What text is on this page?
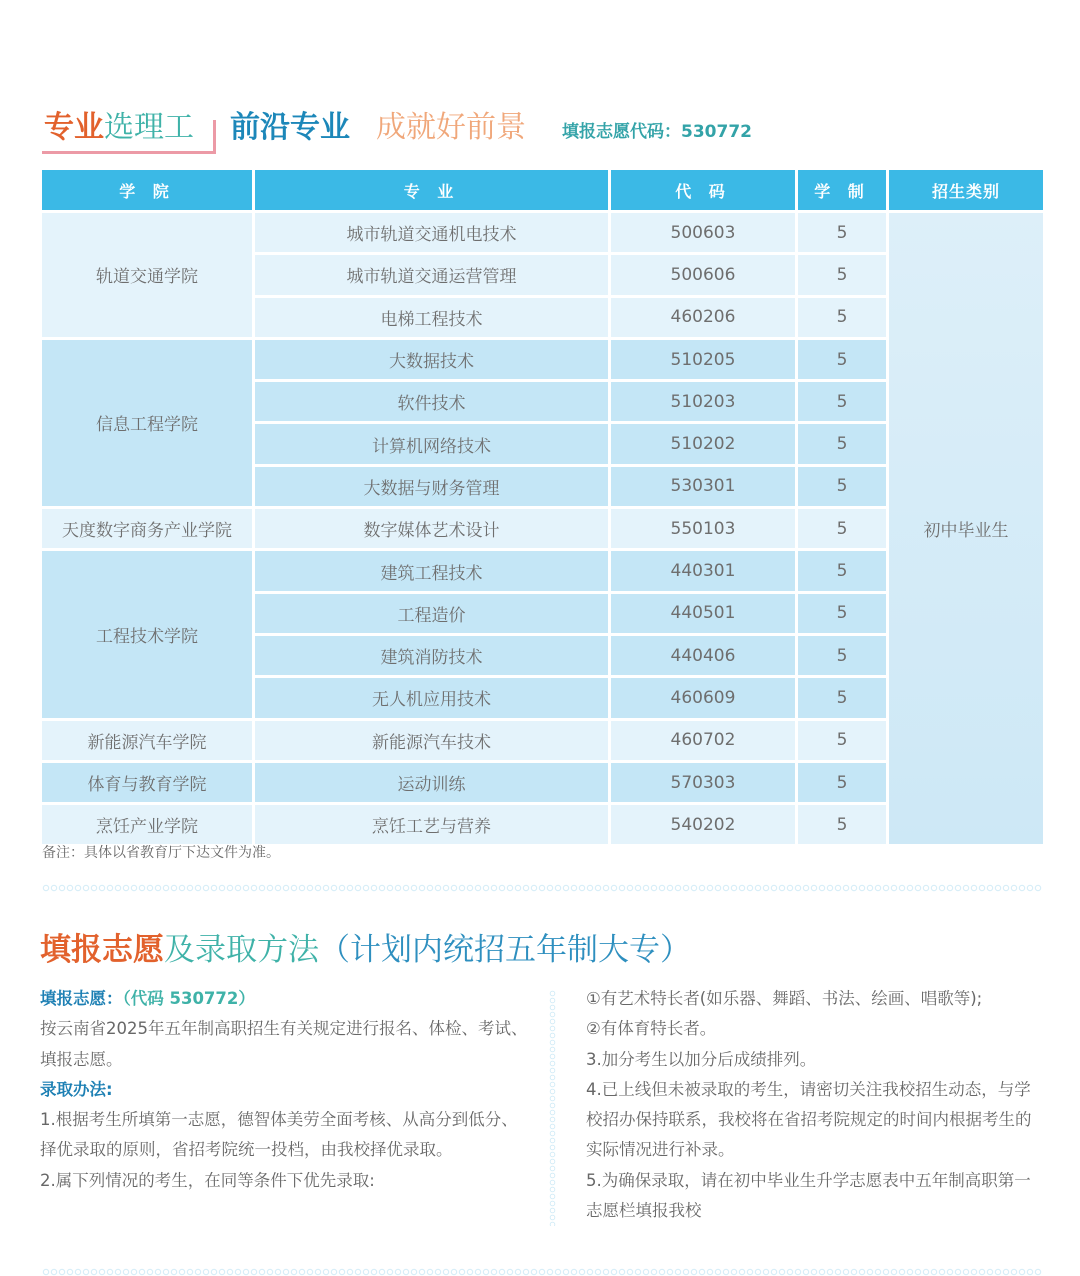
专业 选理工 前沿专业 成就好前景 填报志愿代码：530772
学 院	专 业	代 码	学 制	招生类别
轨道交通学院	城市轨道交通机电技术	500603	5	初中毕业生
	城市轨道交通运营管理	500606	5	
	电梯工程技术	460206	5	
信息工程学院	大数据技术	510205	5	
	软件技术	510203	5	
	计算机网络技术	510202	5	
	大数据与财务管理	530301	5	
天度数字商务产业学院	数字媒体艺术设计	550103	5	
工程技术学院	建筑工程技术	440301	5	
	工程造价	440501	5	
	建筑消防技术	440406	5	
	无人机应用技术	460609	5	
新能源汽车学院	新能源汽车技术	460702	5	
体育与教育学院	运动训练	570303	5	
烹饪产业学院	烹饪工艺与营养	540202	5	
备注：具体以省教育厅下达文件为准。
填报志愿及录取方法（计划内统招五年制大专）

填报志愿：（代码 530772）

按云南省2025年五年制高职招生有关规定进行报名、体检、考试、填报志愿。

录取办法:

1.根据考生所填第一志愿，德智体美劳全面考核、从高分到低分、择优录取的原则，省招考院统一投档，由我校择优录取。

2.属下列情况的考生，在同等条件下优先录取:

①有艺术特长者(如乐器、舞蹈、书法、绘画、唱歌等);

②有体育特长者。

3.加分考生以加分后成绩排列。

4.已上线但未被录取的考生，请密切关注我校招生动态，与学校招办保持联系，我校将在省招考院规定的时间内根据考生的实际情况进行补录。

5.为确保录取，请在初中毕业生升学志愿表中五年制高职第一志愿栏填报我校
